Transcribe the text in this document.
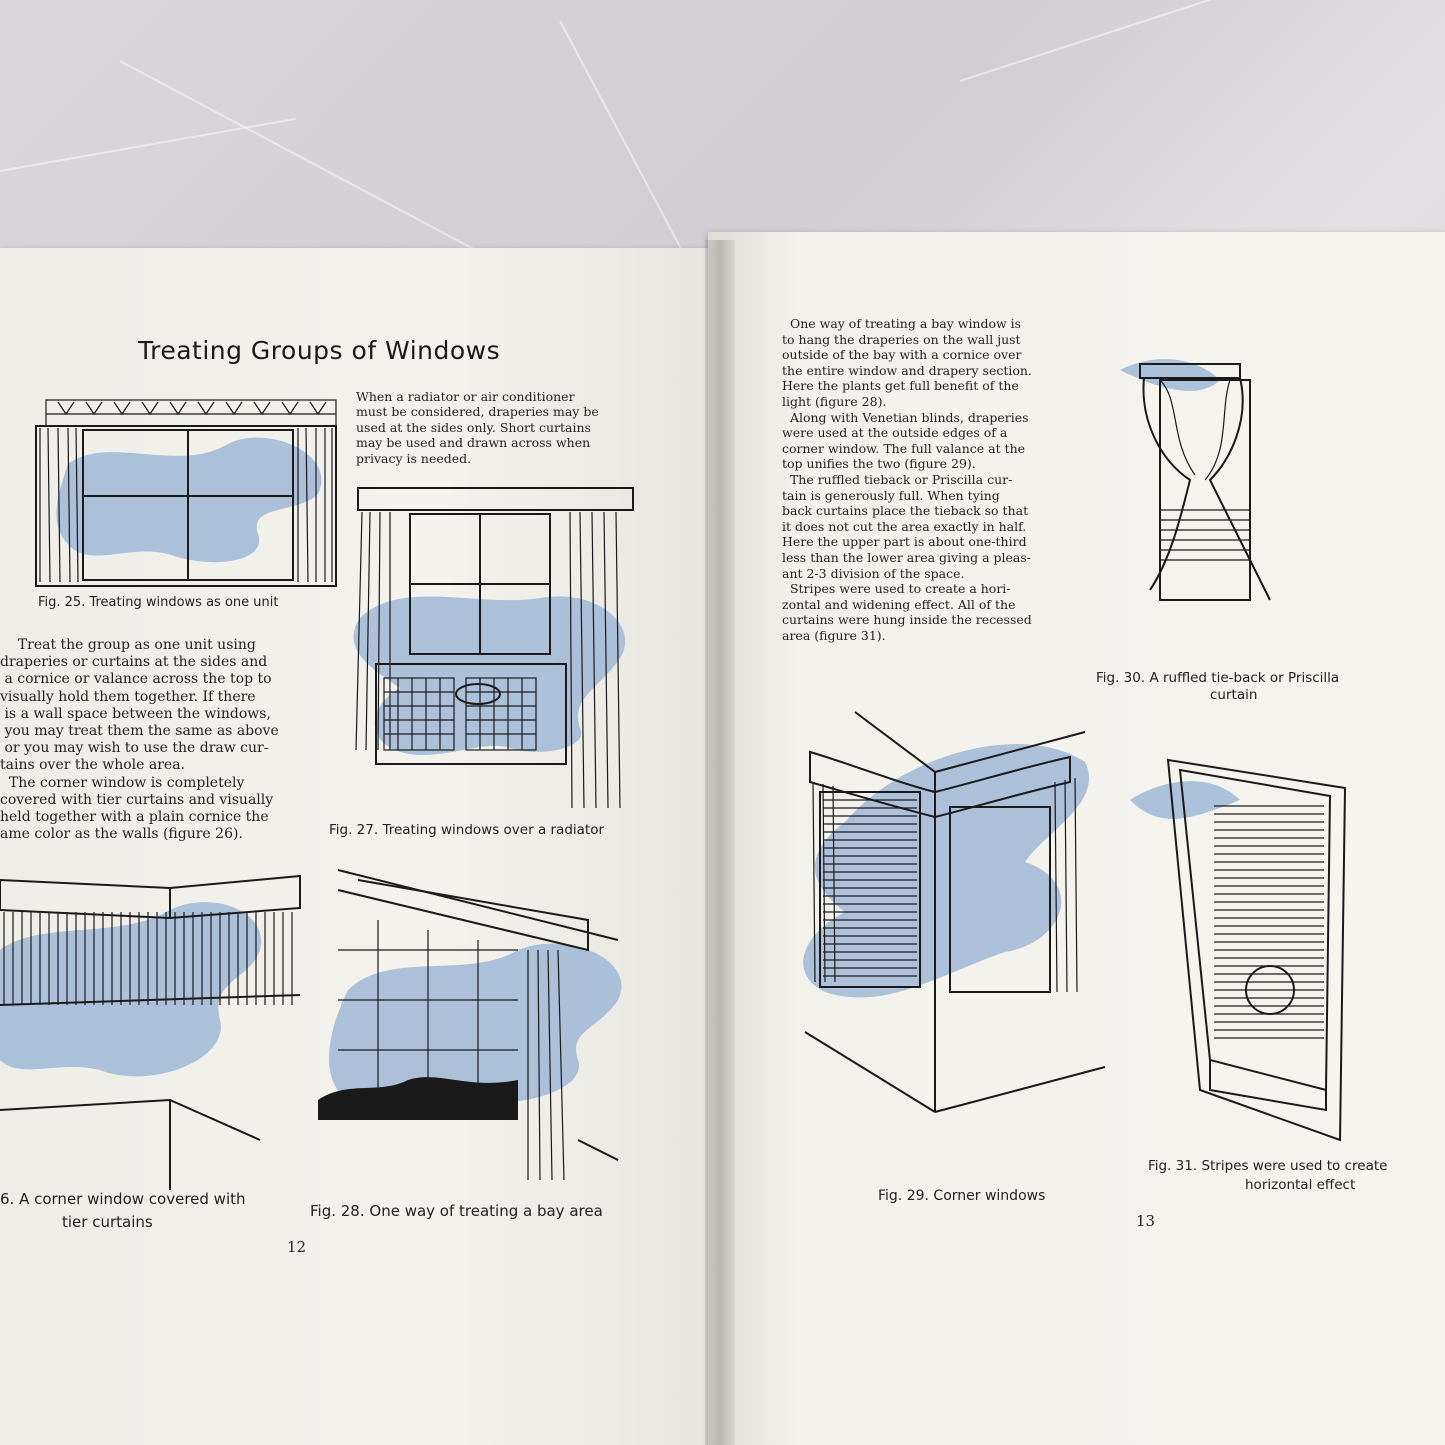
Treating Groups of Windows
When a radiator or air conditioner
must be considered, draperies may be
used at the sides only. Short curtains
may be used and drawn across when
privacy is needed.
Treat the group as one unit using
draperies or curtains at the sides and
a cornice or valance across the top to
visually hold them together. If there
is a wall space between the windows,
you may treat them the same as above
or you may wish to use the draw cur-
tains over the whole area.
The corner window is completely
covered with tier curtains and visually
held together with a plain cornice the
ame color as the walls (figure 26).
Fig. 25. Treating windows as one unit
Fig. 27. Treating windows over a radiator
6. A corner window covered with
tier curtains
Fig. 28. One way of treating a bay area
12
One way of treating a bay window is
to hang the draperies on the wall just
outside of the bay with a cornice over
the entire window and drapery section.
Here the plants get full benefit of the
light (figure 28).
Along with Venetian blinds, draperies
were used at the outside edges of a
corner window. The full valance at the
top unifies the two (figure 29).
The ruffled tieback or Priscilla cur-
tain is generously full. When tying
back curtains place the tieback so that
it does not cut the area exactly in half.
Here the upper part is about one-third
less than the lower area giving a pleas-
ant 2-3 division of the space.
Stripes were used to create a hori-
zontal and widening effect. All of the
curtains were hung inside the recessed
area (figure 31).
Fig. 30. A ruffled tie-back or Priscilla
curtain
Fig. 29. Corner windows
Fig. 31. Stripes were used to create
horizontal effect
13
